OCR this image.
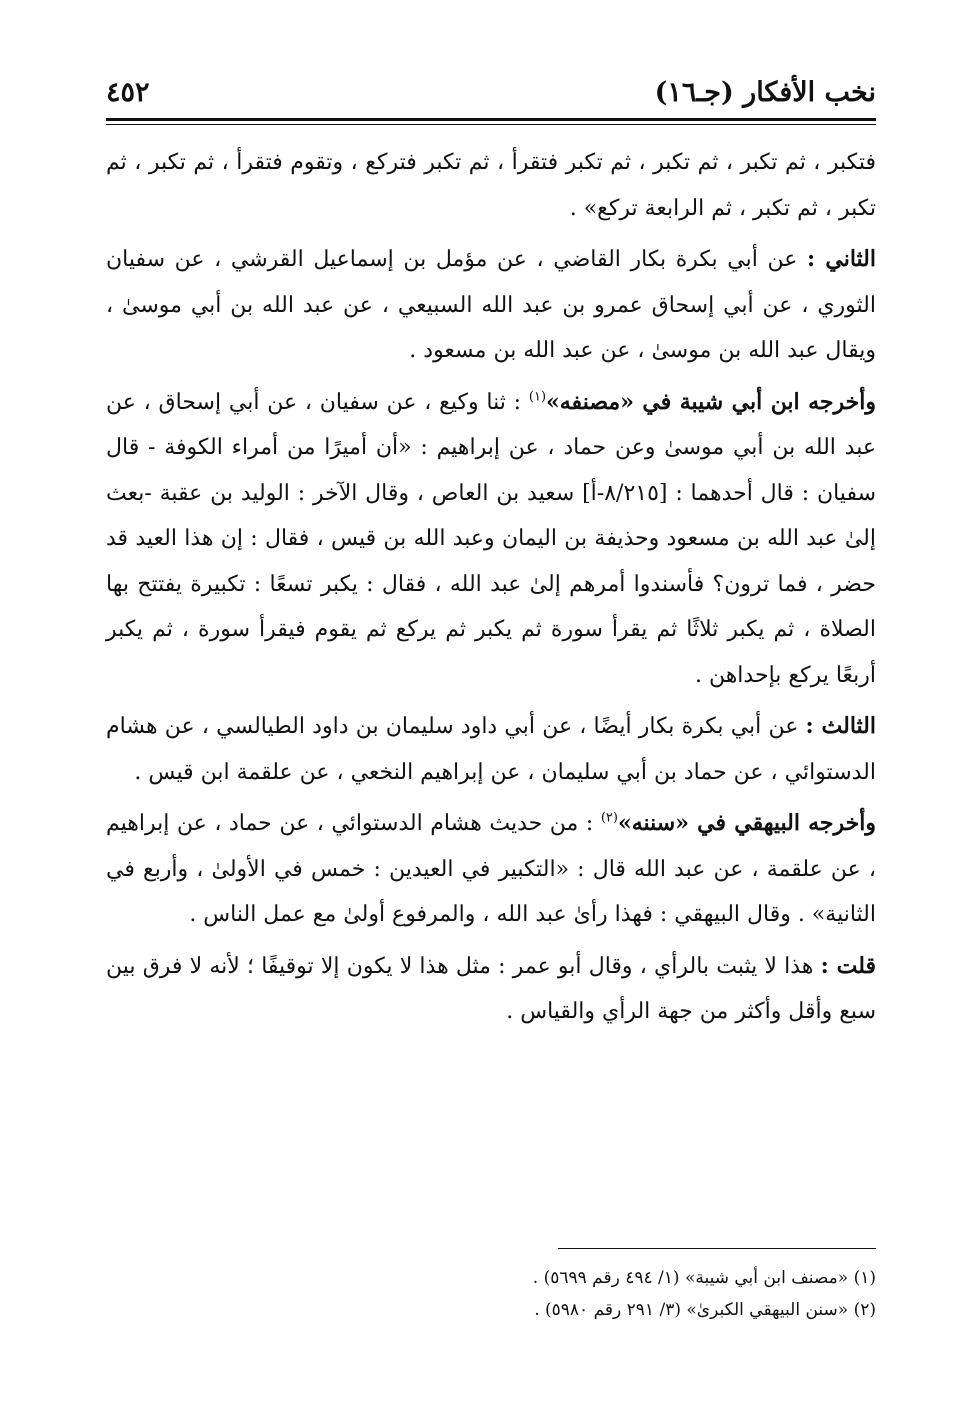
نخب الأفكار (جـ١٦)
٤٥٢

فتكبر ، ثم تكبر ، ثم تكبر ، ثم تكبر فتقرأ ، ثم تكبر فتركع ، وتقوم فتقرأ ، ثم تكبر ، ثم تكبر ، ثم تكبر ، ثم الرابعة تركع» .

الثاني : عن أبي بكرة بكار القاضي ، عن مؤمل بن إسماعيل القرشي ، عن سفيان الثوري ، عن أبي إسحاق عمرو بن عبد الله السبيعي ، عن عبد الله بن أبي موسىٰ ، ويقال عبد الله بن موسىٰ ، عن عبد الله بن مسعود .

وأخرجه ابن أبي شيبة في «مصنفه»$^{(١)}$ : ثنا وكيع ، عن سفيان ، عن أبي إسحاق ، عن عبد الله بن أبي موسىٰ وعن حماد ، عن إبراهيم : «أن أميرًا من أمراء الكوفة - قال سفيان : قال أحدهما : [٨/٢١٥-أ] سعيد بن العاص ، وقال الآخر : الوليد بن عقبة -بعث إلىٰ عبد الله بن مسعود وحذيفة بن اليمان وعبد الله بن قيس ، فقال : إن هذا العيد قد حضر ، فما ترون؟ فأسندوا أمرهم إلىٰ عبد الله ، فقال : يكبر تسعًا : تكبيرة يفتتح بها الصلاة ، ثم يكبر ثلاثًا ثم يقرأ سورة ثم يكبر ثم يركع ثم يقوم فيقرأ سورة ، ثم يكبر أربعًا يركع بإحداهن .

الثالث : عن أبي بكرة بكار أيضًا ، عن أبي داود سليمان بن داود الطيالسي ، عن هشام الدستوائي ، عن حماد بن أبي سليمان ، عن إبراهيم النخعي ، عن علقمة ابن قيس .

وأخرجه البيهقي في «سننه»$^{(٢)}$ : من حديث هشام الدستوائي ، عن حماد ، عن إبراهيم ، عن علقمة ، عن عبد الله قال : «التكبير في العيدين : خمس في الأولىٰ ، وأربع في الثانية» . وقال البيهقي : فهذا رأىٰ عبد الله ، والمرفوع أولىٰ مع عمل الناس .

قلت : هذا لا يثبت بالرأي ، وقال أبو عمر : مثل هذا لا يكون إلا توقيفًا ؛ لأنه لا فرق بين سبع وأقل وأكثر من جهة الرأي والقياس .

(١) «مصنف ابن أبي شيبة» (١/ ٤٩٤ رقم ٥٦٩٩) .
(٢) «سنن البيهقي الكبرىٰ» (٣/ ٢٩١ رقم ٥٩٨٠) .
